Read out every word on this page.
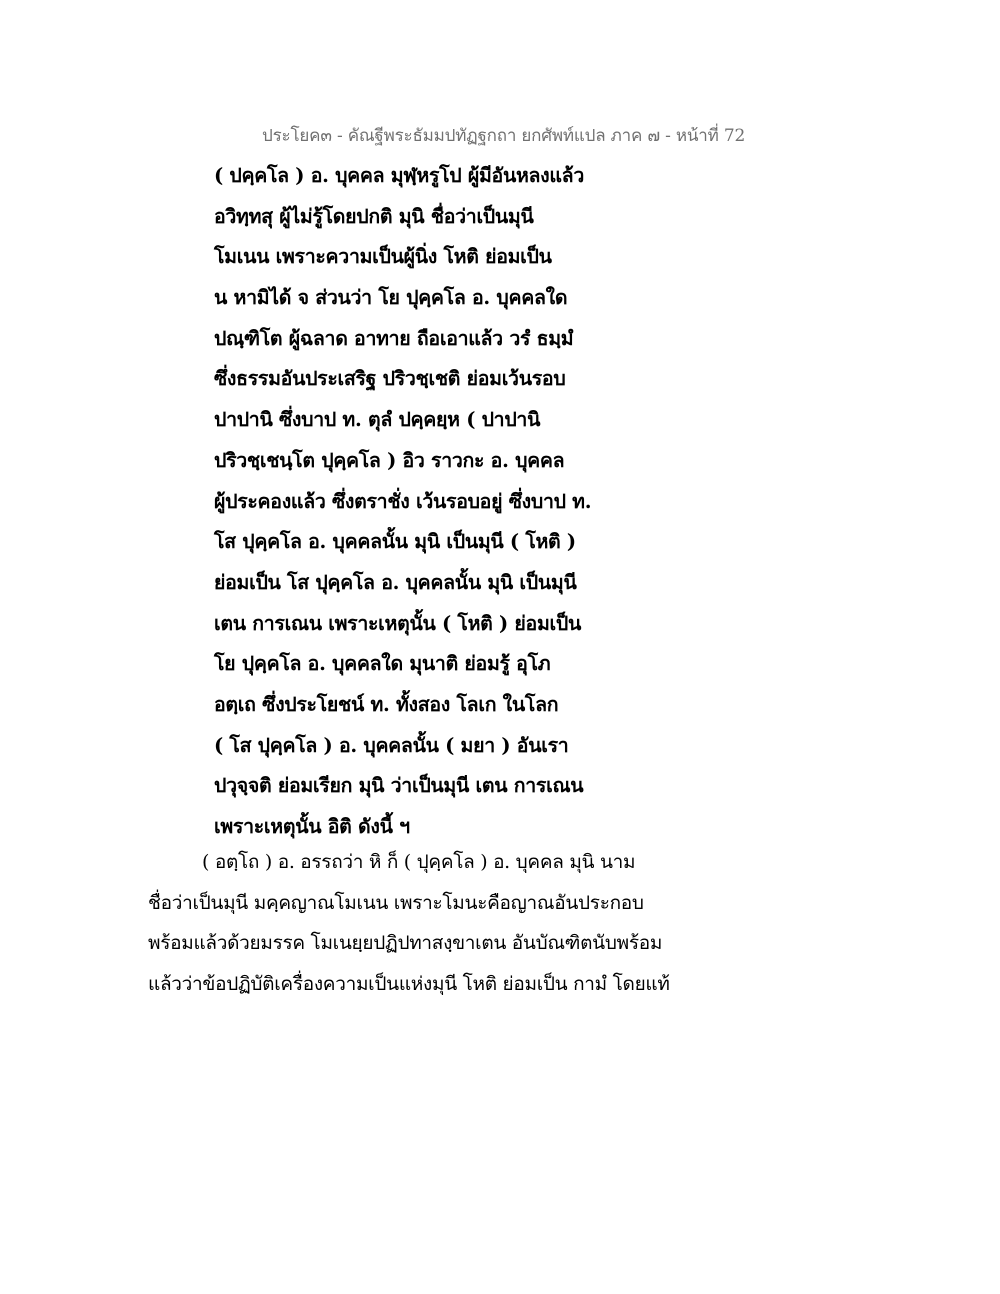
ประโยค๓ - คัณฐีพระธัมมปทัฏฐกถา ยกศัพท์แปล ภาค ๗ - หน้าที่ 72
( ปคฺคโล ) อ. บุคคล มุฬฺหรูโป ผู้มีอันหลงแล้ว
อวิทฺทสุ ผู้ไม่รู้โดยปกติ มุนิ ชื่อว่าเป็นมุนี
โมเนน เพราะความเป็นผู้นิ่ง โหติ ย่อมเป็น
น หามิได้ จ ส่วนว่า โย ปุคฺคโล อ. บุคคลใด
ปณฺฑิโต ผู้ฉลาด อาทาย ถือเอาแล้ว วรํ ธมฺมํ
ซึ่งธรรมอันประเสริฐ ปริวชฺเชติ ย่อมเว้นรอบ
ปาปานิ ซึ่งบาป ท. ตุลํ ปคฺคยฺห ( ปาปานิ
ปริวชฺเชนฺโต ปุคฺคโล ) อิว ราวกะ อ. บุคคล
ผู้ประคองแล้ว ซึ่งตราชั่ง เว้นรอบอยู่ ซึ่งบาป ท.
โส ปุคฺคโล อ. บุคคลนั้น มุนิ เป็นมุนี ( โหติ )
ย่อมเป็น โส ปุคฺคโล อ. บุคคลนั้น มุนิ เป็นมุนี
เตน การเณน เพราะเหตุนั้น ( โหติ ) ย่อมเป็น
โย ปุคฺคโล อ. บุคคลใด มุนาติ ย่อมรู้ อุโภ
อตฺเถ ซึ่งประโยชน์ ท. ทั้งสอง โลเก ในโลก
( โส ปุคฺคโล ) อ. บุคคลนั้น ( มยา ) อันเรา
ปวุจฺจติ ย่อมเรียก มุนิ ว่าเป็นมุนี เตน การเณน
เพราะเหตุนั้น อิติ ดังนี้ ฯ
( อตฺโถ ) อ. อรรถว่า หิ ก็ ( ปุคฺคโล ) อ. บุคคล มุนิ นาม
ชื่อว่าเป็นมุนี มคฺคญาณโมเนน เพราะโมนะคือญาณอันประกอบ
พร้อมแล้วด้วยมรรค โมเนยฺยปฏิปทาสงฺขาเตน อันบัณฑิตนับพร้อม
แล้วว่าข้อปฏิบัติเครื่องความเป็นแห่งมุนี โหติ ย่อมเป็น กามํ โดยแท้
